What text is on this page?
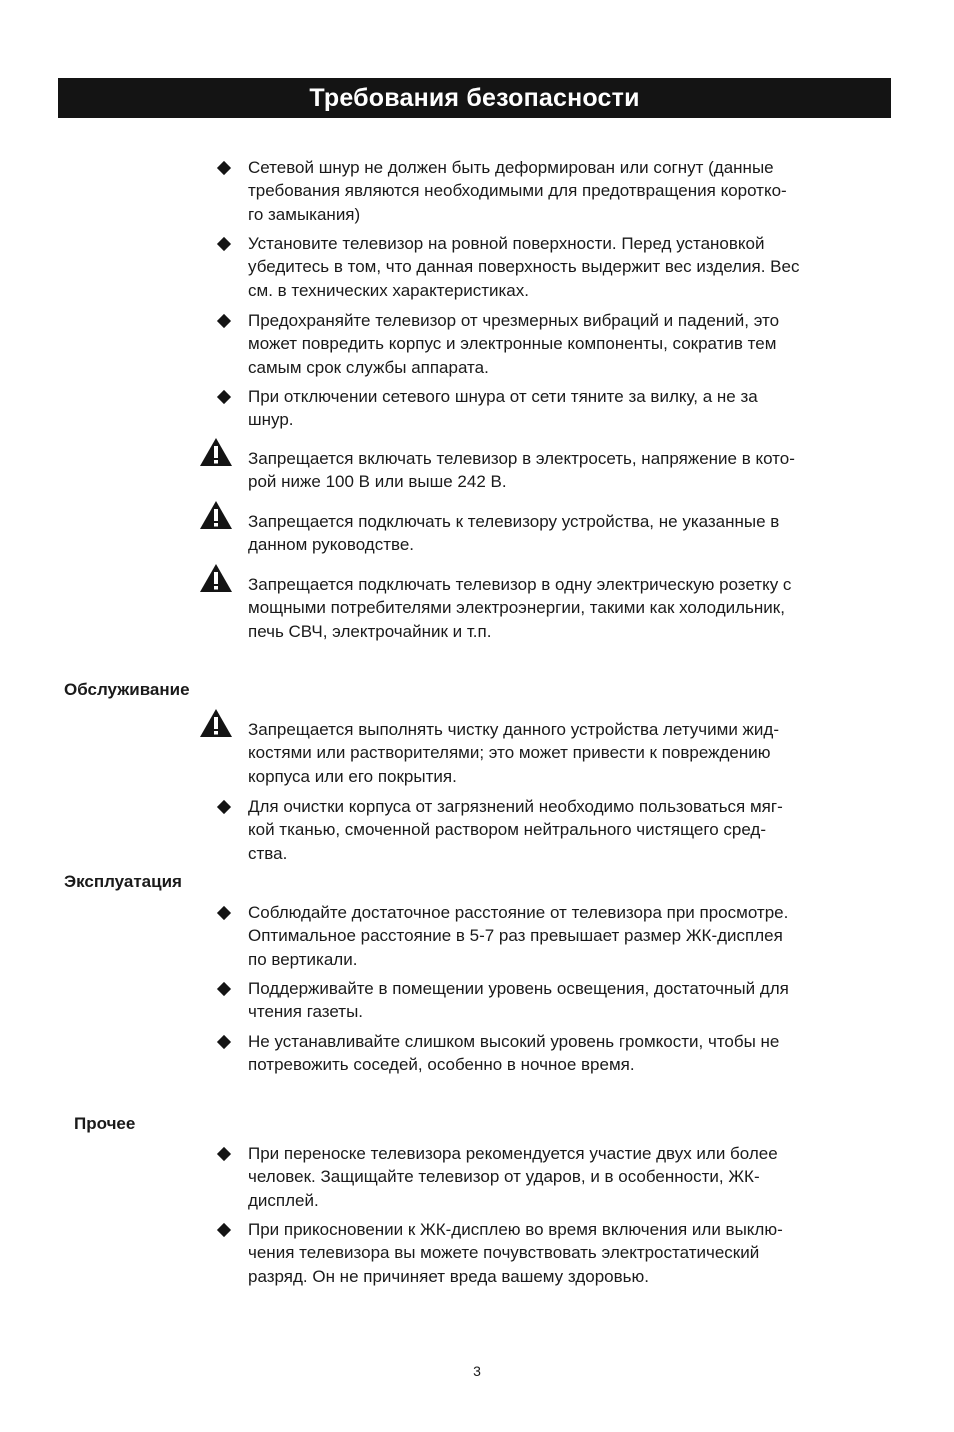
Требования безопасности
Обслуживание
Эксплуатация
Прочее
Сетевой шнур не должен быть деформирован или согнут (данные
требования являются необходимыми для предотвращения коротко-
го замыкания)
Установите телевизор на ровной поверхности. Перед установкой
убедитесь в том, что данная поверхность выдержит вес изделия. Вес
см. в технических характеристиках.
Предохраняйте телевизор от чрезмерных вибраций и падений, это
может повредить корпус и электронные компоненты, сократив тем
самым срок службы аппарата.
При отключении сетевого шнура от сети тяните за вилку, а не за
шнур.
Запрещается включать телевизор в электросеть, напряжение в кото-
рой ниже 100 В или выше 242 В.
Запрещается подключать к телевизору устройства, не указанные в
данном руководстве.
Запрещается подключать телевизор в одну электрическую розетку с
мощными потребителями электроэнергии, такими как холодильник,
печь СВЧ, электрочайник и т.п.
Запрещается выполнять чистку данного устройства летучими жид-
костями или растворителями; это может привести к повреждению
корпуса или его покрытия.
Для очистки корпуса от загрязнений необходимо пользоваться мяг-
кой тканью, смоченной раствором нейтрального чистящего сред-
ства.
Соблюдайте достаточное расстояние от телевизора при просмотре.
Оптимальное расстояние в 5-7 раз превышает размер ЖК-дисплея
по вертикали.
Поддерживайте в помещении уровень освещения, достаточный для
чтения газеты.
Не устанавливайте слишком высокий уровень громкости, чтобы не
потревожить соседей, особенно в ночное время.
При переноске телевизора рекомендуется участие двух или более
человек. Защищайте телевизор от ударов, и в особенности, ЖК-
дисплей.
При прикосновении к ЖК-дисплею во время включения или выклю-
чения телевизора вы можете почувствовать электростатический
разряд. Он не причиняет вреда вашему здоровью.
3
